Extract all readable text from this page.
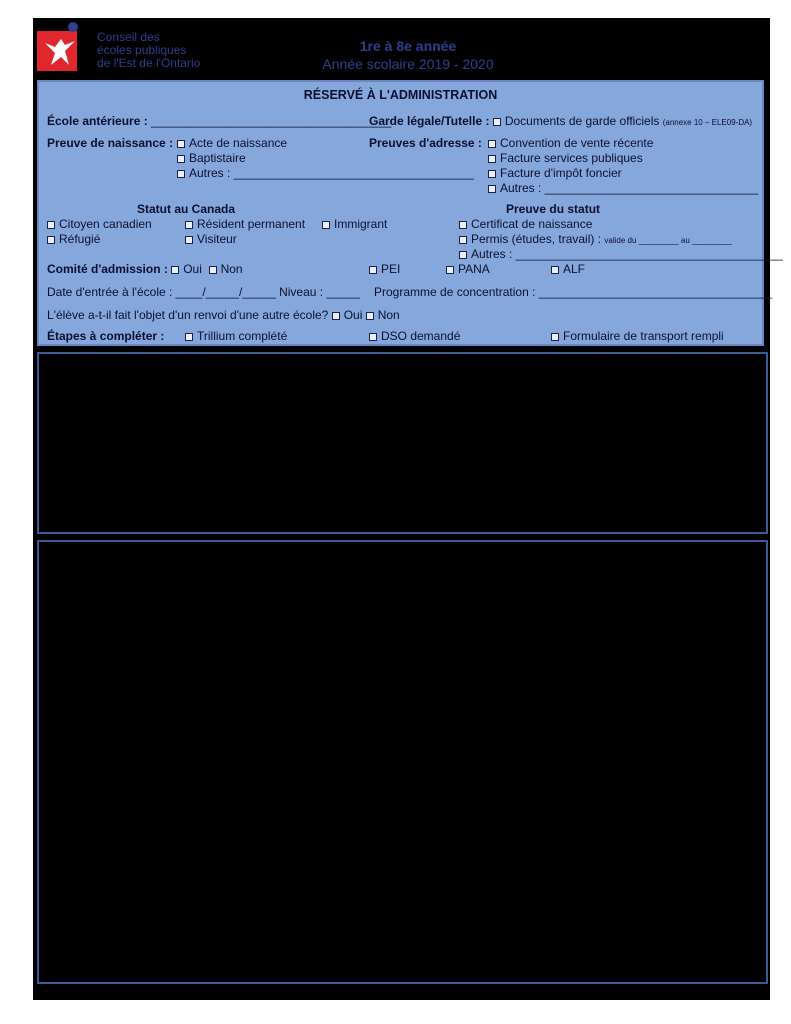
Conseil des
écoles publiques
de l'Est de l'Ontario
1re à 8e année
Année scolaire 2019 - 2020
RÉSERVÉ À L'ADMINISTRATION
École antérieure : ____________________________________
Garde légale/Tutelle : Documents de garde officiels (annexe 10 – ELE09-DA)
Preuve de naissance :	Acte de naissance
Baptistaire
Autres : ____________________________________
Preuves d'adresse :	Convention de vente récente
Facture services publiques
Facture d'impôt foncier
Autres : ________________________________
Statut au Canada
Citoyen canadien	Résident permanent	Immigrant
Réfugié	Visiteur
Preuve du statut
Certificat de naissance
Permis (études, travail) : valide du _________ au _________
Autres : ________________________________________
Comité d'admission : Oui Non	PEI	PANA	ALF
Date d'entrée à l'école : ____/_____/_____ Niveau : _____ Programme de concentration : ___________________________________
L'élève a-t-il fait l'objet d'un renvoi d'une autre école? Oui Non
Étapes à compléter :	Trillium complété	DSO demandé	Formulaire de transport rempli
